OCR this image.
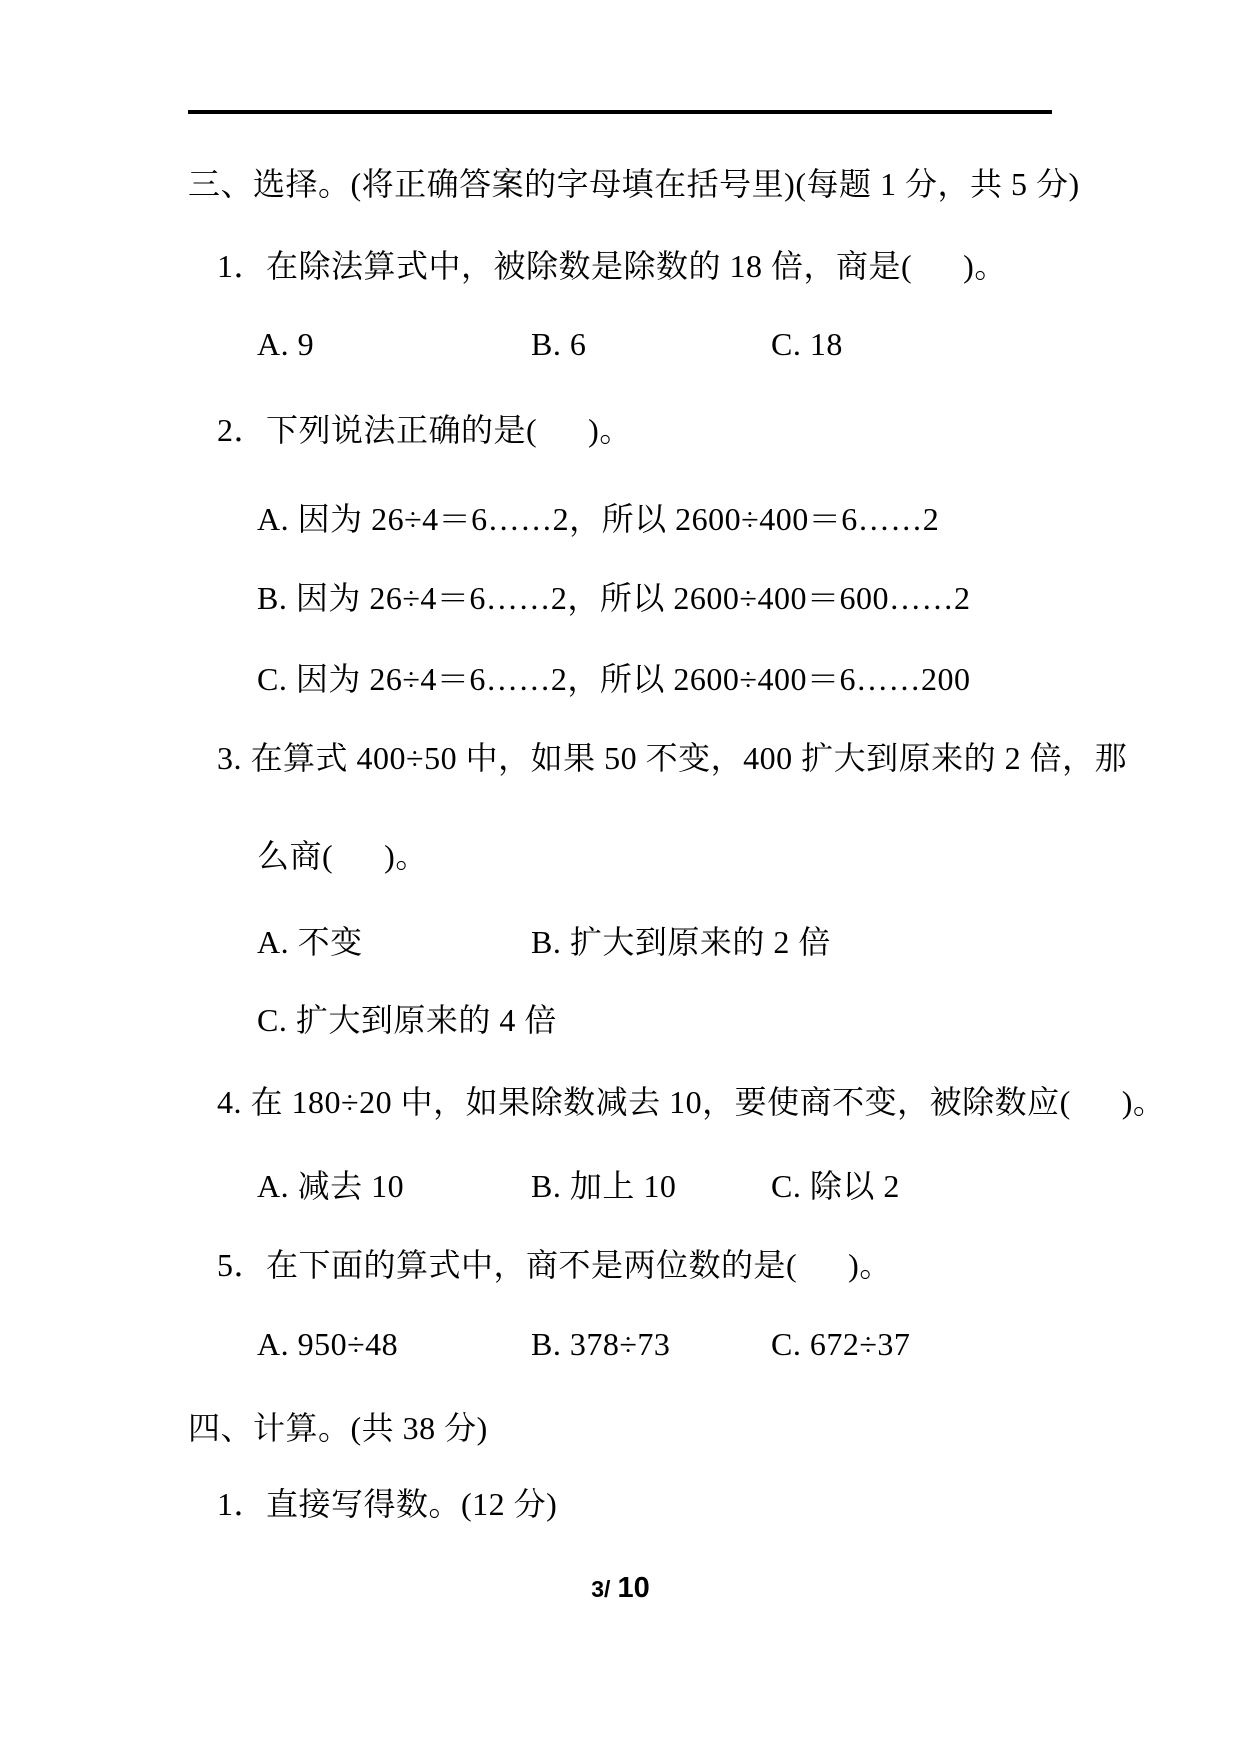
三、选择。(将正确答案的字母填在括号里)(每题 1 分，共 5 分)
1．在除法算式中，被除数是除数的 18 倍，商是(      )。
A. 9	B. 6	C. 18
2．下列说法正确的是(      )。
A. 因为 26÷4＝6……2，所以 2600÷400＝6……2
B. 因为 26÷4＝6……2，所以 2600÷400＝600……2
C. 因为 26÷4＝6……2，所以 2600÷400＝6……200
3. 在算式 400÷50 中，如果 50 不变，400 扩大到原来的 2 倍，那
么商(      )。
A. 不变	B. 扩大到原来的 2 倍
C. 扩大到原来的 4 倍
4. 在 180÷20 中，如果除数减去 10，要使商不变，被除数应(      )。
A. 减去 10	B. 加上 10	C. 除以 2
5．在下面的算式中，商不是两位数的是(      )。
A. 950÷48	B. 378÷73	C. 672÷37
四、计算。(共 38 分)
1．直接写得数。(12 分)
3/ 10
